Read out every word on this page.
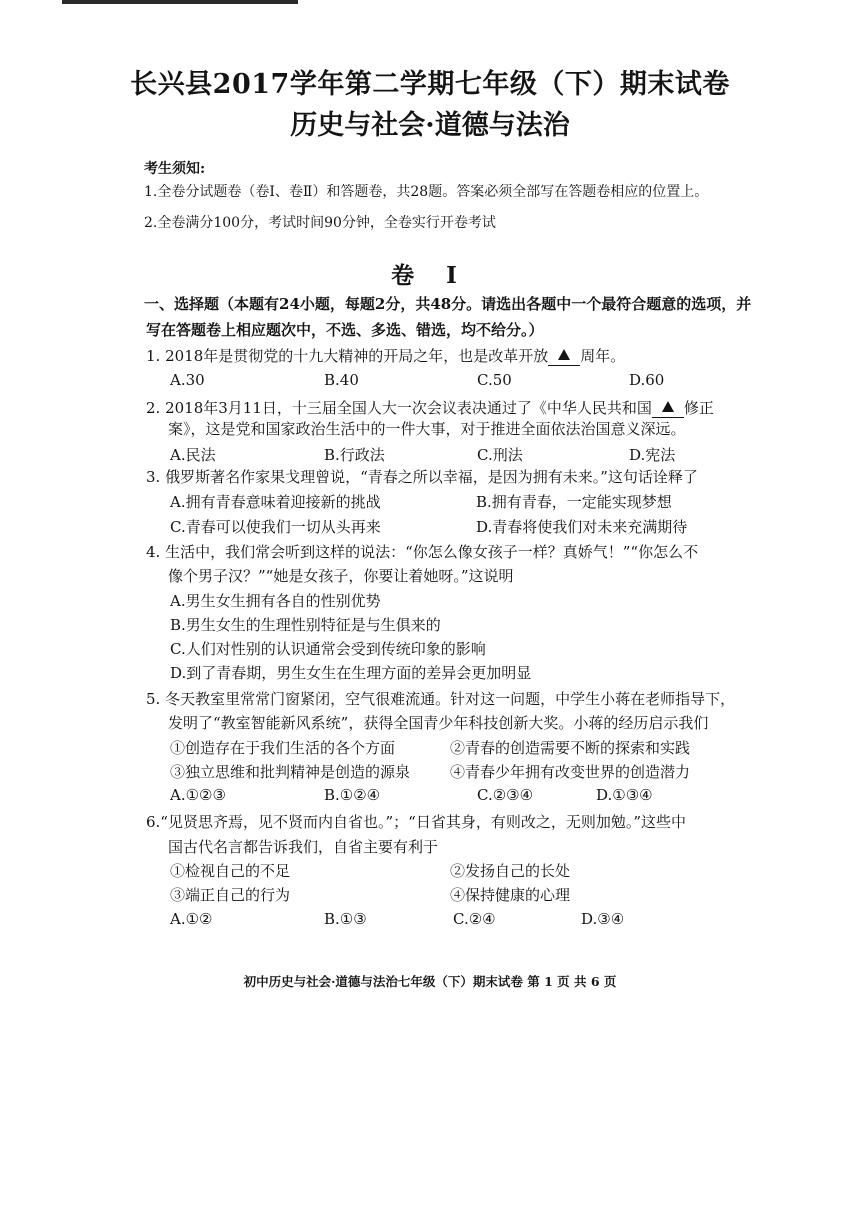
长兴县2017学年第二学期七年级（下）期末试卷
历史与社会·道德与法治
考生须知:
1.全卷分试题卷（卷Ⅰ、卷Ⅱ）和答题卷，共28题。答案必须全部写在答题卷相应的位置上。
2.全卷满分100分，考试时间90分钟，全卷实行开卷考试
卷 Ⅰ
一、选择题（本题有24小题，每题2分，共48分。请选出各题中一个最符合题意的选项，并
写在答题卷上相应题次中，不选、多选、错选，均不给分。）
1. 2018年是贯彻党的十九大精神的开局之年，也是改革开放 周年。
A.30	B.40	C.50	D.60
2. 2018年3月11日，十三届全国人大一次会议表决通过了《中华人民共和国 修正
案》，这是党和国家政治生活中的一件大事，对于推进全面依法治国意义深远。
A.民法	B.行政法	C.刑法	D.宪法
3. 俄罗斯著名作家果戈理曾说，“青春之所以幸福，是因为拥有未来。”这句话诠释了
A.拥有青春意味着迎接新的挑战	B.拥有青春，一定能实现梦想
C.青春可以使我们一切从头再来	D.青春将使我们对未来充满期待
4. 生活中，我们常会听到这样的说法：“你怎么像女孩子一样？真娇气！”“你怎么不
像个男子汉？”“她是女孩子，你要让着她呀。”这说明
A.男生女生拥有各自的性别优势
B.男生女生的生理性别特征是与生俱来的
C.人们对性别的认识通常会受到传统印象的影响
D.到了青春期，男生女生在生理方面的差异会更加明显
5. 冬天教室里常常门窗紧闭，空气很难流通。针对这一问题，中学生小蒋在老师指导下，
发明了“教室智能新风系统”，获得全国青少年科技创新大奖。小蒋的经历启示我们
①创造存在于我们生活的各个方面	②青春的创造需要不断的探索和实践
③独立思维和批判精神是创造的源泉	④青春少年拥有改变世界的创造潜力
A.①②③	B.①②④	C.②③④	D.①③④
6.“见贤思齐焉，见不贤而内自省也。”；“日省其身，有则改之，无则加勉。”这些中
国古代名言都告诉我们，自省主要有利于
①检视自己的不足	②发扬自己的长处
③端正自己的行为	④保持健康的心理
A.①②	B.①③	C.②④	D.③④
初中历史与社会·道德与法治七年级（下）期末试卷 第 1 页 共 6 页
